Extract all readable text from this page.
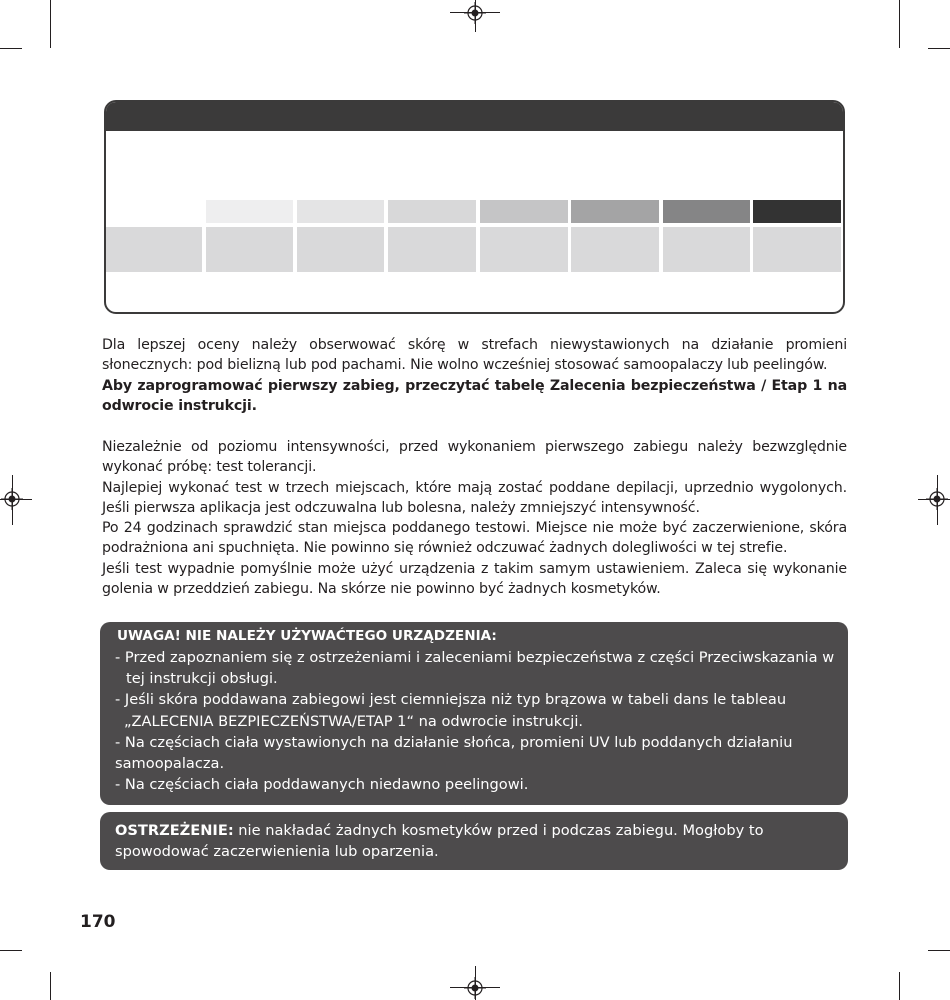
Dla lepszej oceny należy obserwować skórę w strefach niewystawionych na działanie promieni słonecznych: pod bielizną lub pod pachami. Nie wolno wcześniej stosować samoopalaczy lub peelingów.

Aby zaprogramować pierwszy zabieg, przeczytać tabelę Zalecenia bezpieczeństwa / Etap 1 na odwrocie instrukcji.

Niezależnie od poziomu intensywności, przed wykonaniem pierwszego zabiegu należy bezwzględnie wykonać próbę: test tolerancji.

Najlepiej wykonać test w trzech miejscach, które mają zostać poddane depilacji, uprzednio wygolonych. Jeśli pierwsza aplikacja jest odczuwalna lub bolesna, należy zmniejszyć intensywność.

Po 24 godzinach sprawdzić stan miejsca poddanego testowi. Miejsce nie może być zaczerwienione, skóra podrażniona ani spuchnięta. Nie powinno się również odczuwać żadnych dolegliwości w tej strefie.

Jeśli test wypadnie pomyślnie może użyć urządzenia z takim samym ustawieniem. Zaleca się wykonanie golenia w przeddzień zabiegu. Na skórze nie powinno być żadnych kosmetyków.

UWAGA! NIE NALEŻY UŻYWAĆTEGO URZĄDZENIA:
- Przed zapoznaniem się z ostrzeżeniami i zaleceniami bezpieczeństwa z części Przeciwskazania w
tej instrukcji obsługi.
- Jeśli skóra poddawana zabiegowi jest ciemniejsza niż typ brązowa w tabeli dans le tableau
„ZALECENIA BEZPIECZEŃSTWA/ETAP 1“ na odwrocie instrukcji.
- Na częściach ciała wystawionych na działanie słońca, promieni UV lub poddanych działaniu
samoopalacza.
- Na częściach ciała poddawanych niedawno peelingowi.
OSTRZEŻENIE: nie nakładać żadnych kosmetyków przed i podczas zabiegu. Mogłoby to spowodować zaczerwienienia lub oparzenia.
170
